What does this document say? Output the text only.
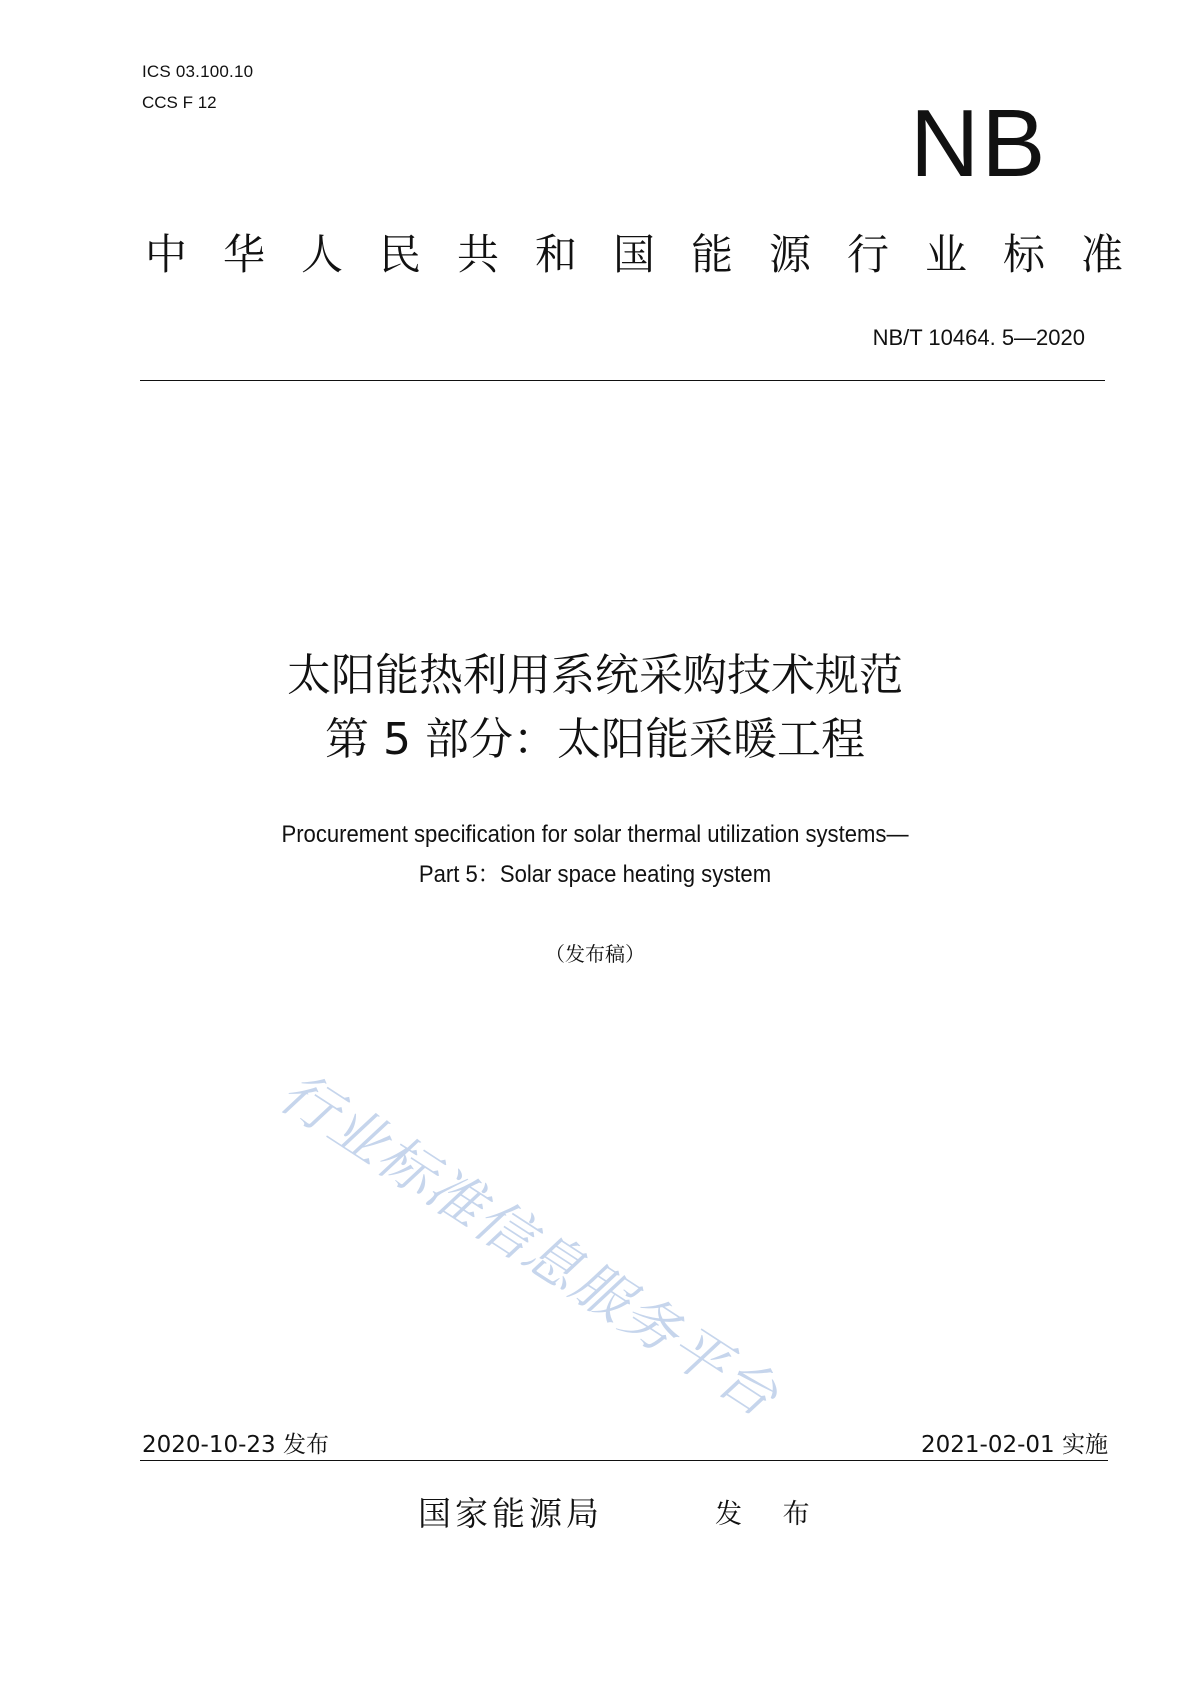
ICS 03.100.10
CCS F 12	NB
中华人民共和国能源行业标准
NB/T 10464. 5—2020
太阳能热利用系统采购技术规范
第 5 部分：太阳能采暖工程
Procurement specification for solar thermal utilization systems—
Part 5：Solar space heating system
（发布稿）
行业标准信息服务平台
2020-10-23 发布	2021-02-01 实施
国家能源局	发 布
